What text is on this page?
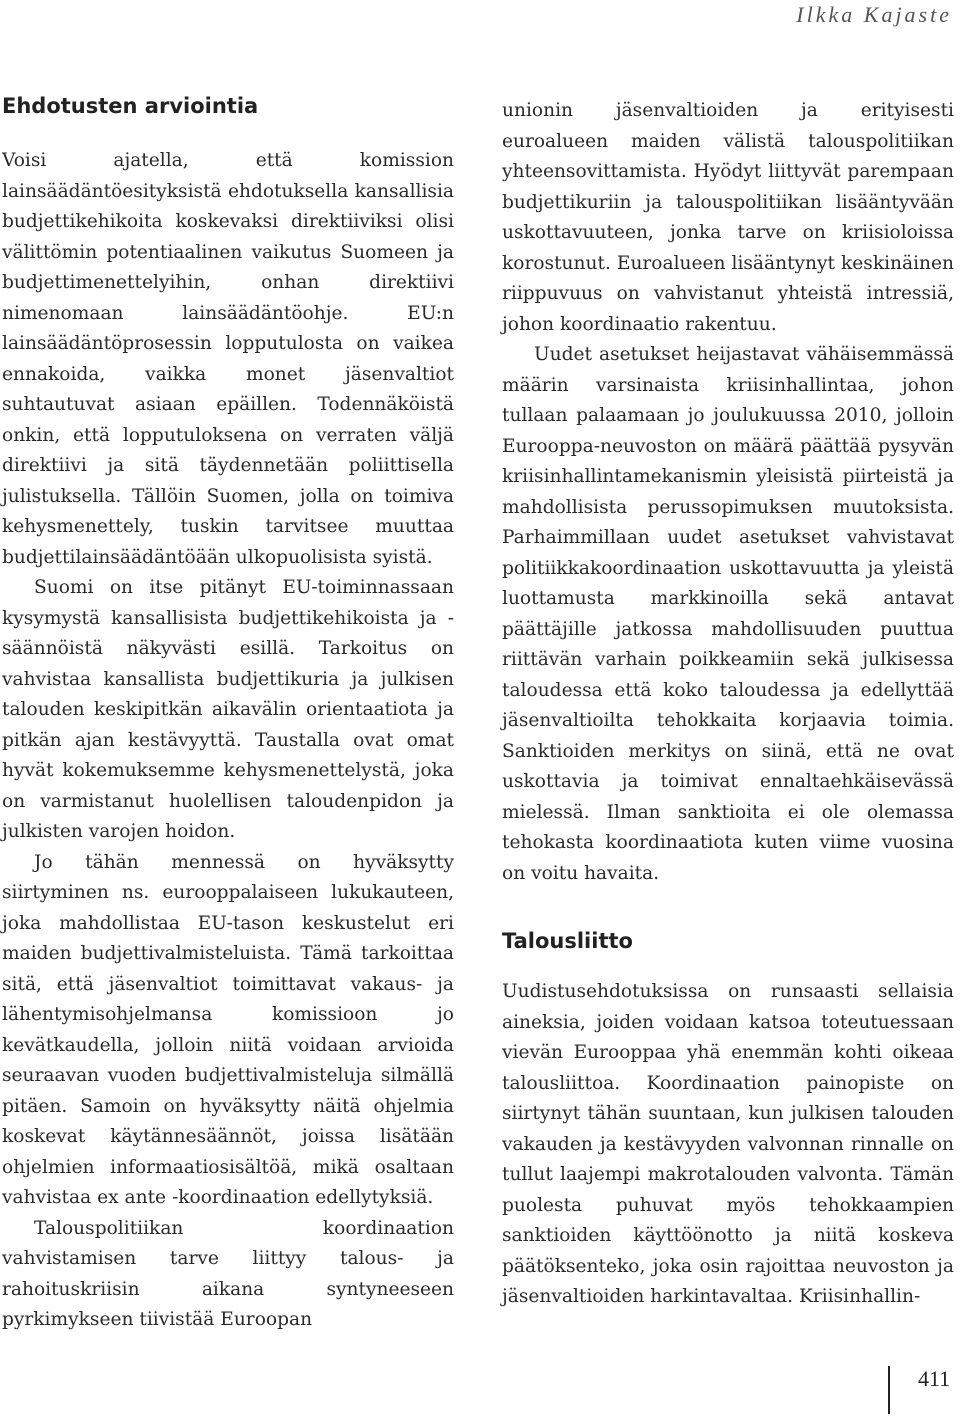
Ilkka Kajaste
Ehdotusten arviointia

Voisi ajatella, että komission lainsäädäntöesityksistä ehdotuksella kansallisia budjettikehikoita koskevaksi direktiiviksi olisi välittömin potentiaalinen vaikutus Suomeen ja budjettimenettelyihin, onhan direktiivi nimenomaan lainsäädäntöohje. EU:n lainsäädäntöprosessin lopputulosta on vaikea ennakoida, vaikka monet jäsenvaltiot suhtautuvat asiaan epäillen. Todennäköistä onkin, että lopputuloksena on verraten väljä direktiivi ja sitä täydennetään poliittisella julistuksella. Tällöin Suomen, jolla on toimiva kehysmenettely, tuskin tarvitsee muuttaa budjettilainsäädäntöään ulkopuolisista syistä.

Suomi on itse pitänyt EU-toiminnassaan kysymystä kansallisista budjettikehikoista ja -säännöistä näkyvästi esillä. Tarkoitus on vahvistaa kansallista budjettikuria ja julkisen talouden keskipitkän aikavälin orientaatiota ja pitkän ajan kestävyyttä. Taustalla ovat omat hyvät kokemuksemme kehysmenettelystä, joka on varmistanut huolellisen taloudenpidon ja julkisten varojen hoidon.

Jo tähän mennessä on hyväksytty siirtyminen ns. eurooppalaiseen lukukauteen, joka mahdollistaa EU-tason keskustelut eri maiden budjettivalmisteluista. Tämä tarkoittaa sitä, että jäsenvaltiot toimittavat vakaus- ja lähentymisohjelmansa komissioon jo kevätkaudella, jolloin niitä voidaan arvioida seuraavan vuoden budjettivalmisteluja silmällä pitäen. Samoin on hyväksytty näitä ohjelmia koskevat käytännesäännöt, joissa lisätään ohjelmien informaatiosisältöä, mikä osaltaan vahvistaa ex ante -koordinaation edellytyksiä.

Talouspolitiikan koordinaation vahvistamisen tarve liittyy talous- ja rahoituskriisin aikana syntyneeseen pyrkimykseen tiivistää Euroopan

unionin jäsenvaltioiden ja erityisesti euroalueen maiden välistä talouspolitiikan yhteensovittamista. Hyödyt liittyvät parempaan budjettikuriin ja talouspolitiikan lisääntyvään uskottavuuteen, jonka tarve on kriisioloissa korostunut. Euroalueen lisääntynyt keskinäinen riippuvuus on vahvistanut yhteistä intressiä, johon koordinaatio rakentuu.

Uudet asetukset heijastavat vähäisemmässä määrin varsinaista kriisinhallintaa, johon tullaan palaamaan jo joulukuussa 2010, jolloin Eurooppa-neuvoston on määrä päättää pysyvän kriisinhallintamekanismin yleisistä piirteistä ja mahdollisista perussopimuksen muutoksista. Parhaimmillaan uudet asetukset vahvistavat politiikkakoordinaation uskottavuutta ja yleistä luottamusta markkinoilla sekä antavat päättäjille jatkossa mahdollisuuden puuttua riittävän varhain poikkeamiin sekä julkisessa taloudessa että koko taloudessa ja edellyttää jäsenvaltioilta tehokkaita korjaavia toimia. Sanktioiden merkitys on siinä, että ne ovat uskottavia ja toimivat ennaltaehkäisevässä mielessä. Ilman sanktioita ei ole olemassa tehokasta koordinaatiota kuten viime vuosina on voitu havaita.

Talousliitto

Uudistusehdotuksissa on runsaasti sellaisia aineksia, joiden voidaan katsoa toteutuessaan vievän Eurooppaa yhä enemmän kohti oikeaa talousliittoa. Koordinaation painopiste on siirtynyt tähän suuntaan, kun julkisen talouden vakauden ja kestävyyden valvonnan rinnalle on tullut laajempi makrotalouden valvonta. Tämän puolesta puhuvat myös tehokkaampien sanktioiden käyttöönotto ja niitä koskeva päätöksenteko, joka osin rajoittaa neuvoston ja jäsenvaltioiden harkintavaltaa. Kriisinhallin-

411
